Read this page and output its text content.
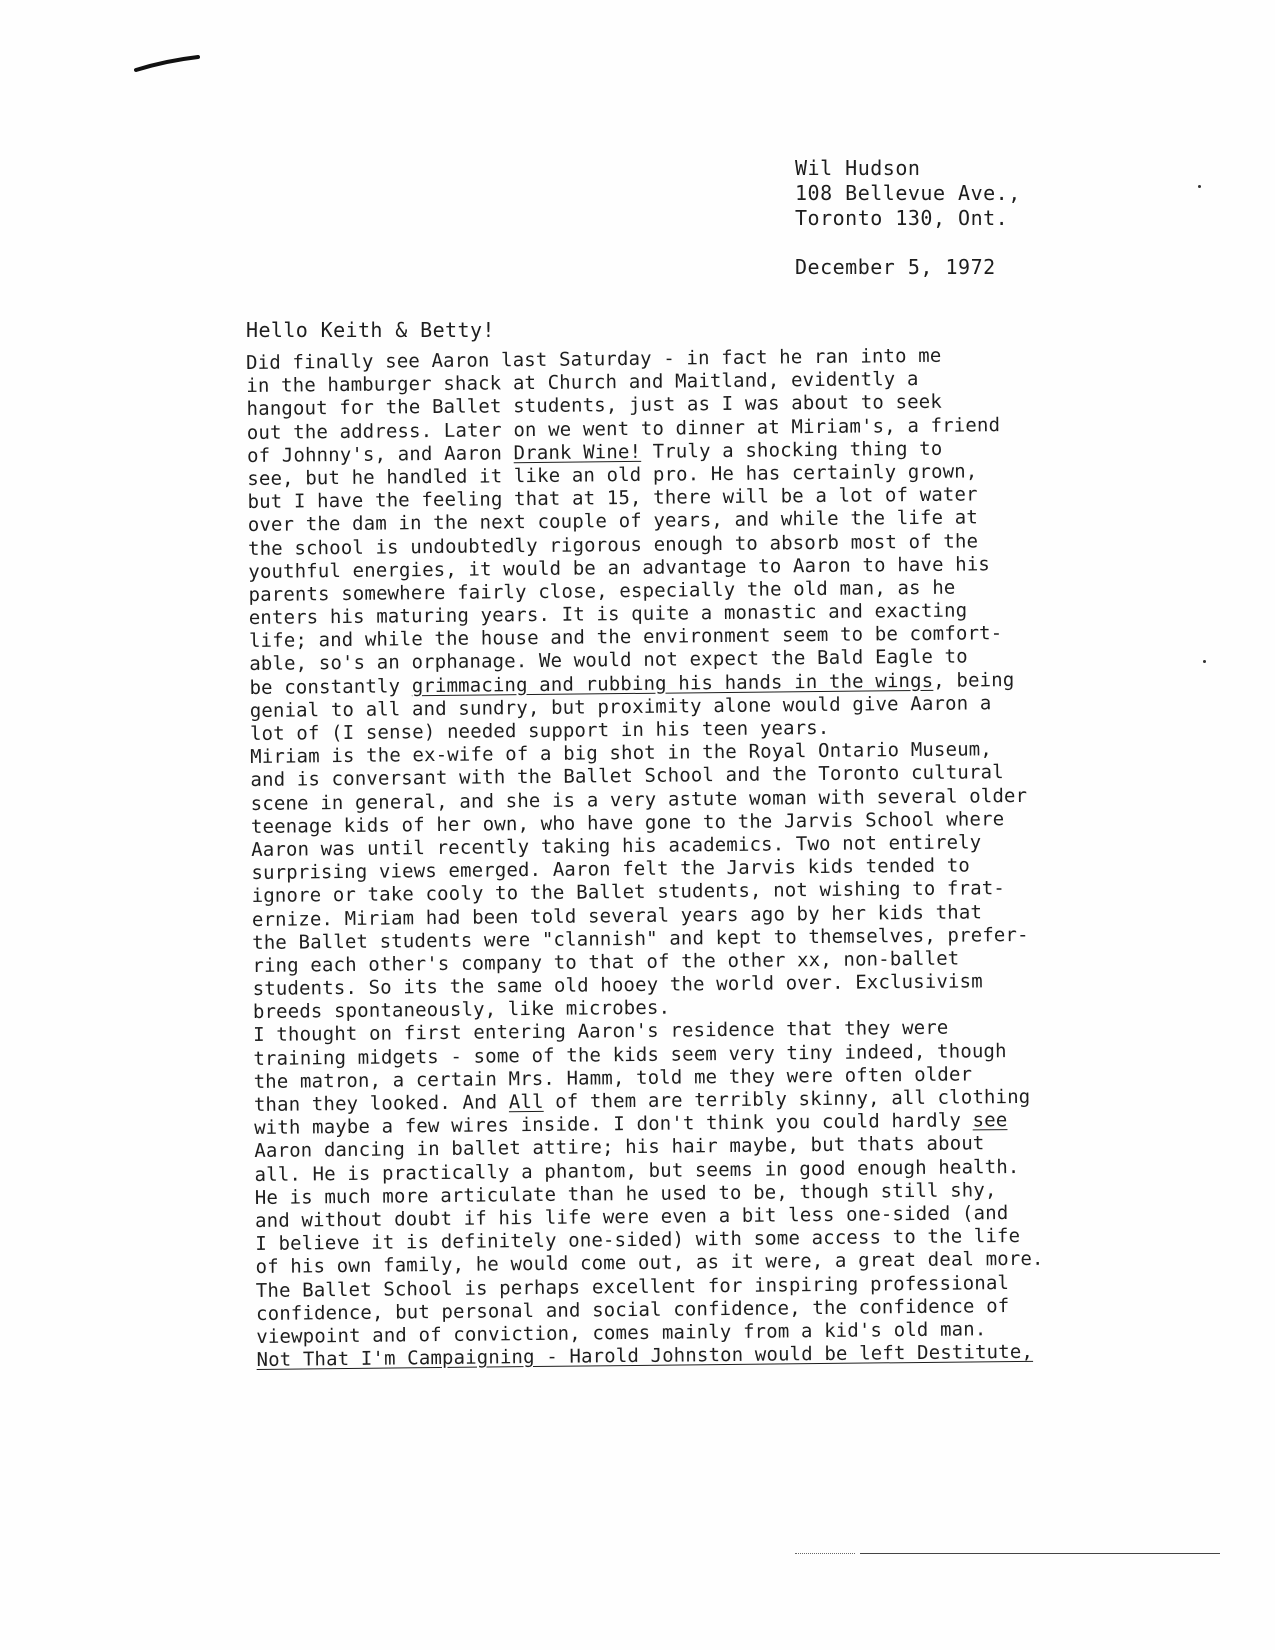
Wil Hudson
108 Bellevue Ave.,
Toronto 130, Ont.
December 5, 1972
Hello Keith & Betty!
Did finally see Aaron last Saturday - in fact he ran into me
in the hamburger shack at Church and Maitland, evidently a
hangout for the Ballet students, just as I was about to seek
out the address. Later on we went to dinner at Miriam's, a friend
of Johnny's, and Aaron Drank Wine! Truly a shocking thing to
see, but he handled it like an old pro. He has certainly grown,
but I have the feeling that at 15, there will be a lot of water
over the dam in the next couple of years, and while the life at
the school is undoubtedly rigorous enough to absorb most of the
youthful energies, it would be an advantage to Aaron to have his
parents somewhere fairly close, especially the old man, as he
enters his maturing years. It is quite a monastic and exacting
life; and while the house and the environment seem to be comfort-
able, so's an orphanage. We would not expect the Bald Eagle to
be constantly grimmacing and rubbing his hands in the wings, being
genial to all and sundry, but proximity alone would give Aaron a
lot of (I sense) needed support in his teen years.
Miriam is the ex-wife of a big shot in the Royal Ontario Museum,
and is conversant with the Ballet School and the Toronto cultural
scene in general, and she is a very astute woman with several older
teenage kids of her own, who have gone to the Jarvis School where
Aaron was until recently taking his academics. Two not entirely
surprising views emerged. Aaron felt the Jarvis kids tended to
ignore or take cooly to the Ballet students, not wishing to frat-
ernize. Miriam had been told several years ago by her kids that
the Ballet students were "clannish" and kept to themselves, prefer-
ring each other's company to that of the other xx, non-ballet
students. So its the same old hooey the world over. Exclusivism
breeds spontaneously, like microbes.
I thought on first entering Aaron's residence that they were
training midgets - some of the kids seem very tiny indeed, though
the matron, a certain Mrs. Hamm, told me they were often older
than they looked. And All of them are terribly skinny, all clothing
with maybe a few wires inside. I don't think you could hardly see
Aaron dancing in ballet attire; his hair maybe, but thats about
all. He is practically a phantom, but seems in good enough health.
He is much more articulate than he used to be, though still shy,
and without doubt if his life were even a bit less one-sided (and
I believe it is definitely one-sided) with some access to the life
of his own family, he would come out, as it were, a great deal more.
The Ballet School is perhaps excellent for inspiring professional
confidence, but personal and social confidence, the confidence of
viewpoint and of conviction, comes mainly from a kid's old man.
Not That I'm Campaigning - Harold Johnston would be left Destitute,
